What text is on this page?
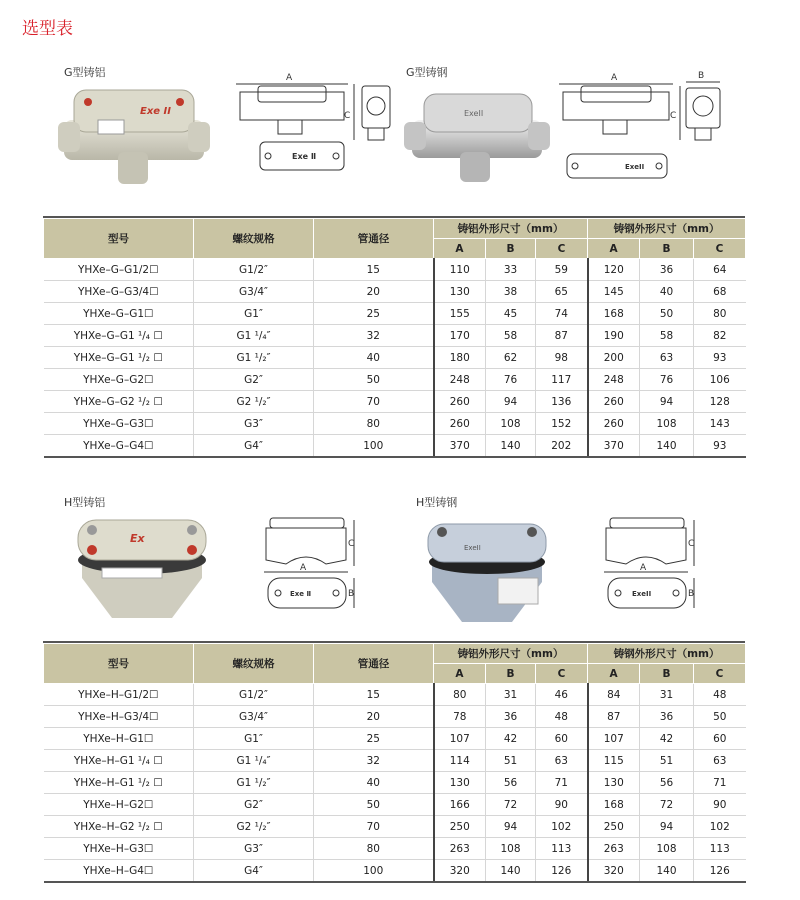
选型表
G型铸铝	G型铸钢
Exe II
A
Exe Ⅱ
C	ExeII
A
ExeII
B
C
型号	螺纹规格	管通径	铸铝外形尺寸（mm）			铸钢外形尺寸（mm）		
			A	B	C	A	B	C
YHXe–G–G1/2☐	G1/2″	15	110	33	59	120	36	64
YHXe–G–G3/4☐	G3/4″	20	130	38	65	145	40	68
YHXe–G–G1☐	G1″	25	155	45	74	168	50	80
YHXe–G–G1 ¹/₄ ☐	G1 ¹/₄″	32	170	58	87	190	58	82
YHXe–G–G1 ¹/₂ ☐	G1 ¹/₂″	40	180	62	98	200	63	93
YHXe–G–G2☐	G2″	50	248	76	117	248	76	106
YHXe–G–G2 ¹/₂ ☐	G2 ¹/₂″	70	260	94	136	260	94	128
YHXe–G–G3☐	G3″	80	260	108	152	260	108	143
YHXe–G–G4☐	G4″	100	370	140	202	370	140	93
H型铸铝	H型铸钢
Ex	C
A
Exe Ⅱ	B
ExeII	C
A
ExeII	B
型号	螺纹规格	管通径	铸铝外形尺寸（mm）			铸钢外形尺寸（mm）		
			A	B	C	A	B	C
YHXe–H–G1/2☐	G1/2″	15	80	31	46	84	31	48
YHXe–H–G3/4☐	G3/4″	20	78	36	48	87	36	50
YHXe–H–G1☐	G1″	25	107	42	60	107	42	60
YHXe–H–G1 ¹/₄ ☐	G1 ¹/₄″	32	114	51	63	115	51	63
YHXe–H–G1 ¹/₂ ☐	G1 ¹/₂″	40	130	56	71	130	56	71
YHXe–H–G2☐	G2″	50	166	72	90	168	72	90
YHXe–H–G2 ¹/₂ ☐	G2 ¹/₂″	70	250	94	102	250	94	102
YHXe–H–G3☐	G3″	80	263	108	113	263	108	113
YHXe–H–G4☐	G4″	100	320	140	126	320	140	126
